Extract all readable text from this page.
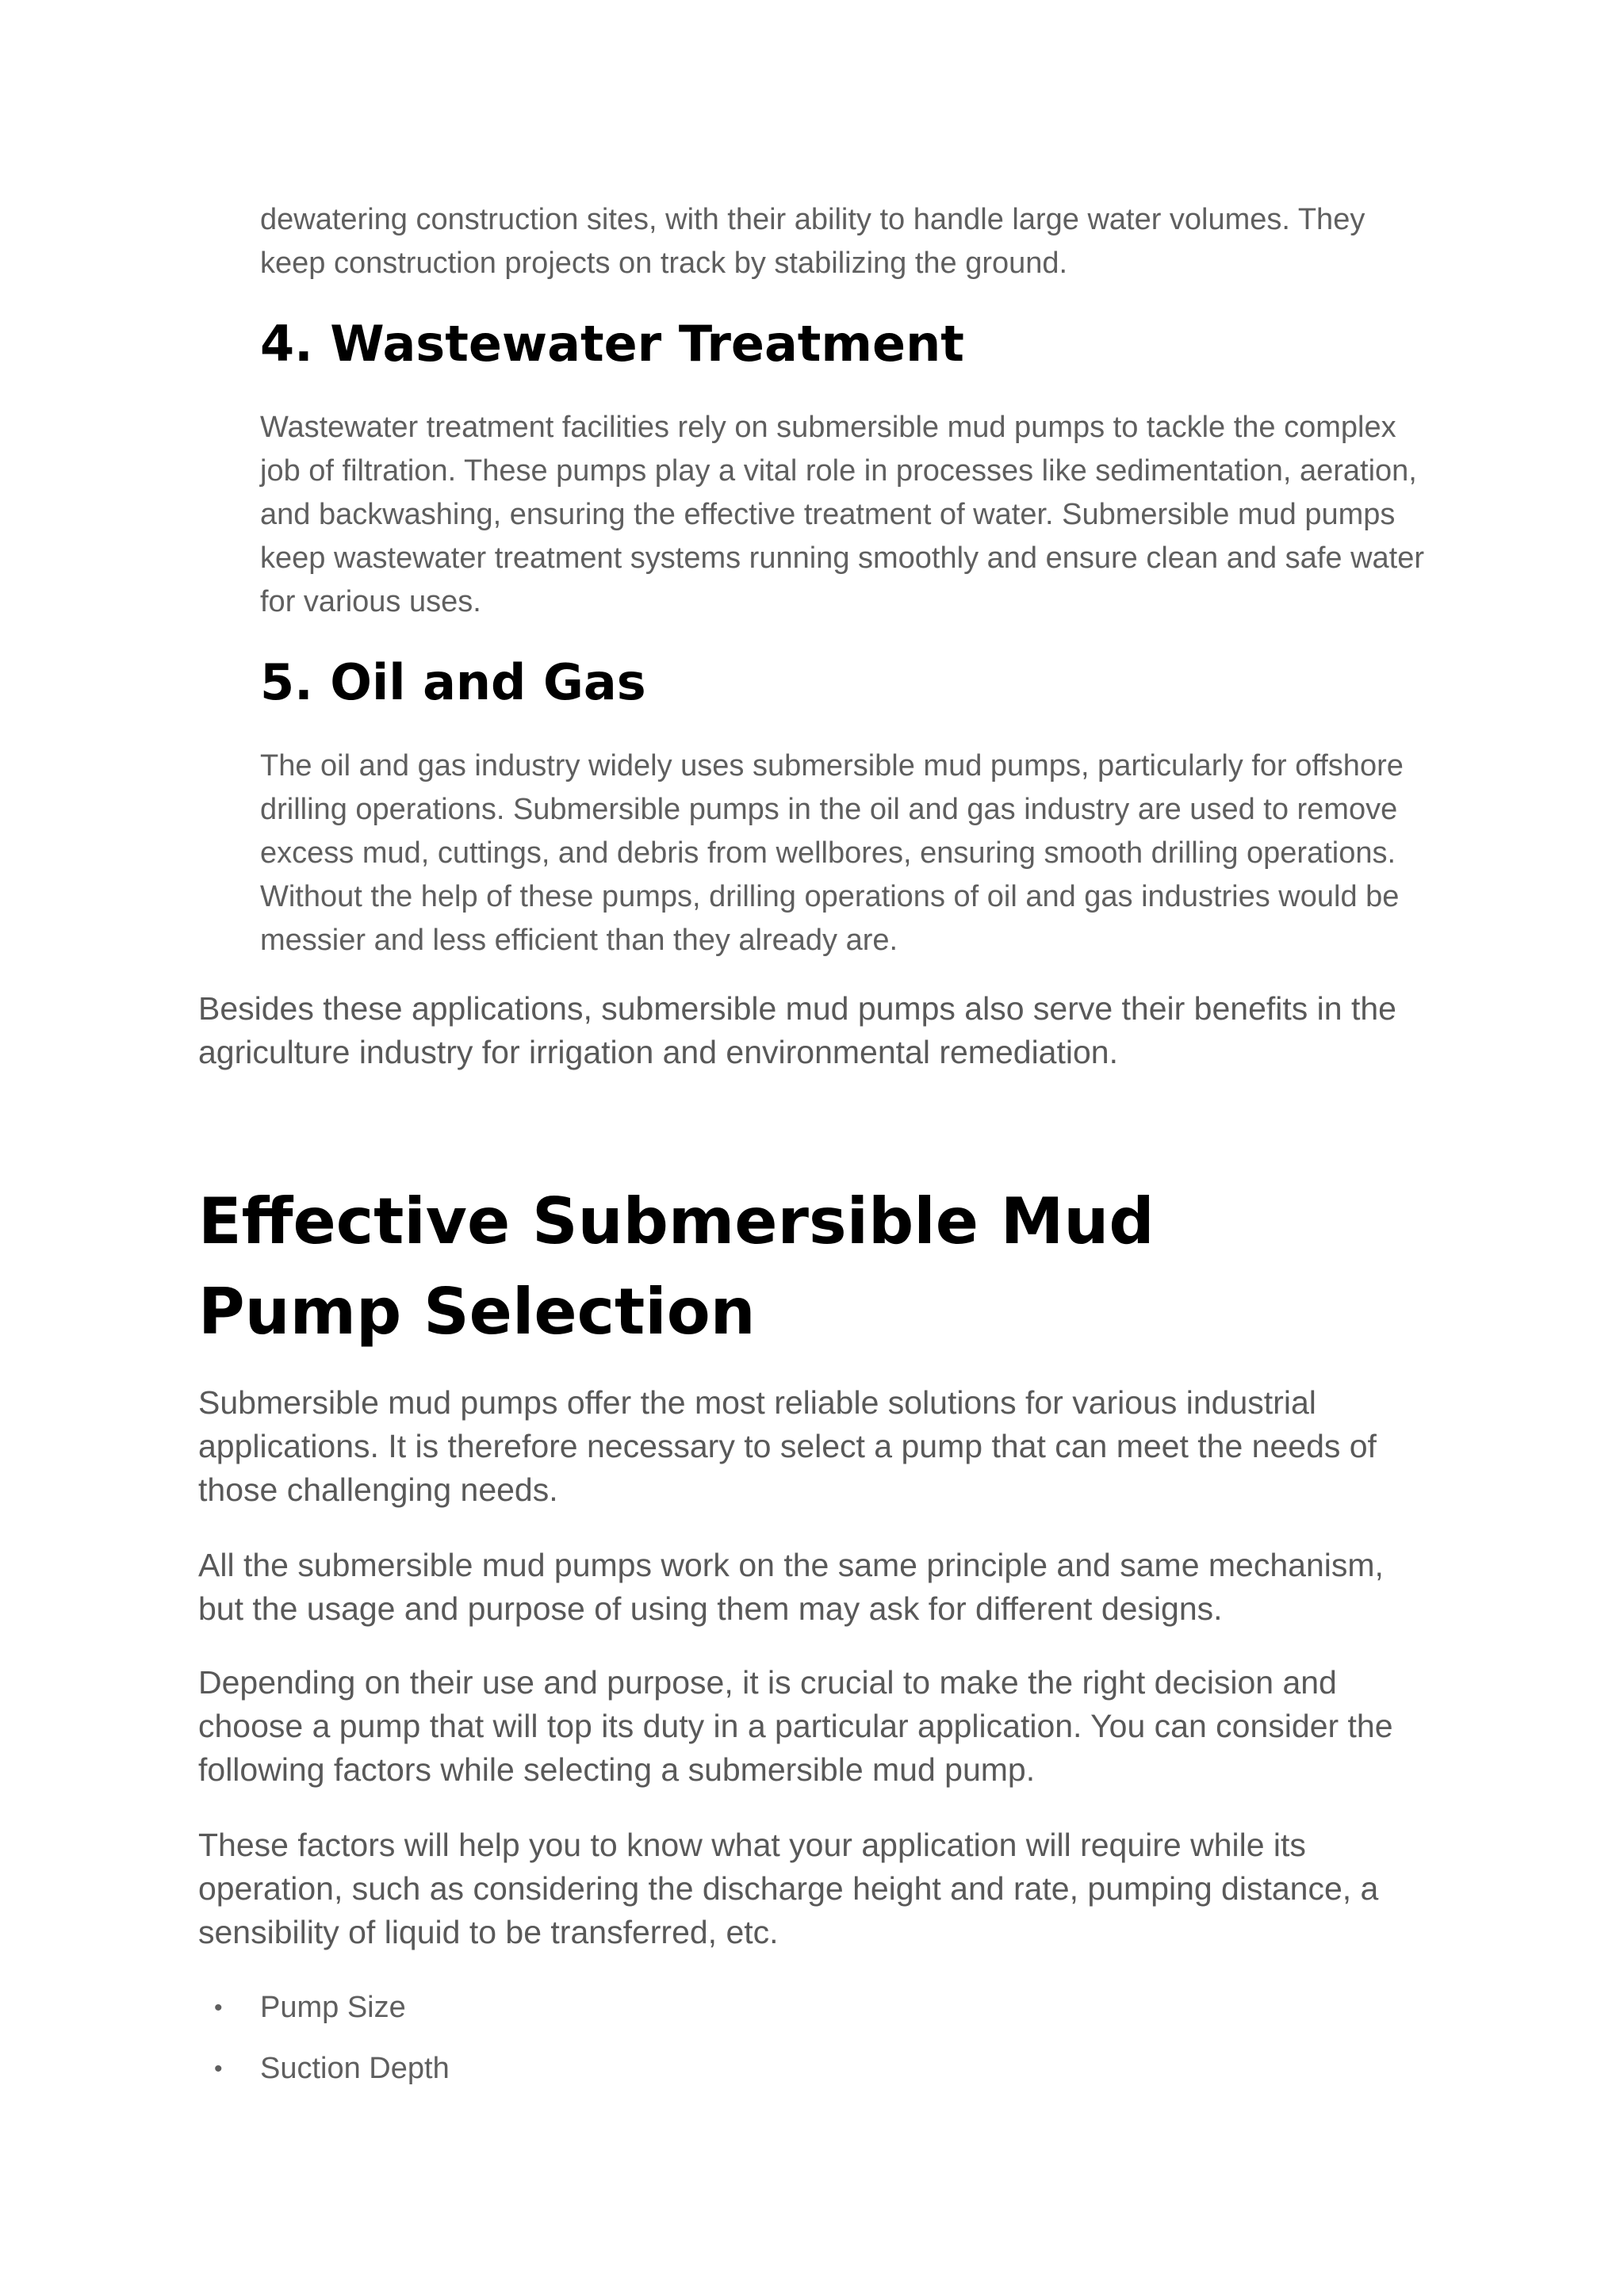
dewatering construction sites, with their ability to handle large water volumes. They keep construction projects on track by stabilizing the ground.

4. Wastewater Treatment

Wastewater treatment facilities rely on submersible mud pumps to tackle the complex job of filtration. These pumps play a vital role in processes like sedimentation, aeration, and backwashing, ensuring the effective treatment of water. Submersible mud pumps keep wastewater treatment systems running smoothly and ensure clean and safe water for various uses.

5. Oil and Gas

The oil and gas industry widely uses submersible mud pumps, particularly for offshore drilling operations. Submersible pumps in the oil and gas industry are used to remove excess mud, cuttings, and debris from wellbores, ensuring smooth drilling operations. Without the help of these pumps, drilling operations of oil and gas industries would be messier and less efficient than they already are.

Besides these applications, submersible mud pumps also serve their benefits in the agriculture industry for irrigation and environmental remediation.

Effective Submersible Mud Pump Selection

Submersible mud pumps offer the most reliable solutions for various industrial applications. It is therefore necessary to select a pump that can meet the needs of those challenging needs.

All the submersible mud pumps work on the same principle and same mechanism, but the usage and purpose of using them may ask for different designs.

Depending on their use and purpose, it is crucial to make the right decision and choose a pump that will top its duty in a particular application. You can consider the following factors while selecting a submersible mud pump.

These factors will help you to know what your application will require while its operation, such as considering the discharge height and rate, pumping distance, a sensibility of liquid to be transferred, etc.

• Pump Size
• Suction Depth
